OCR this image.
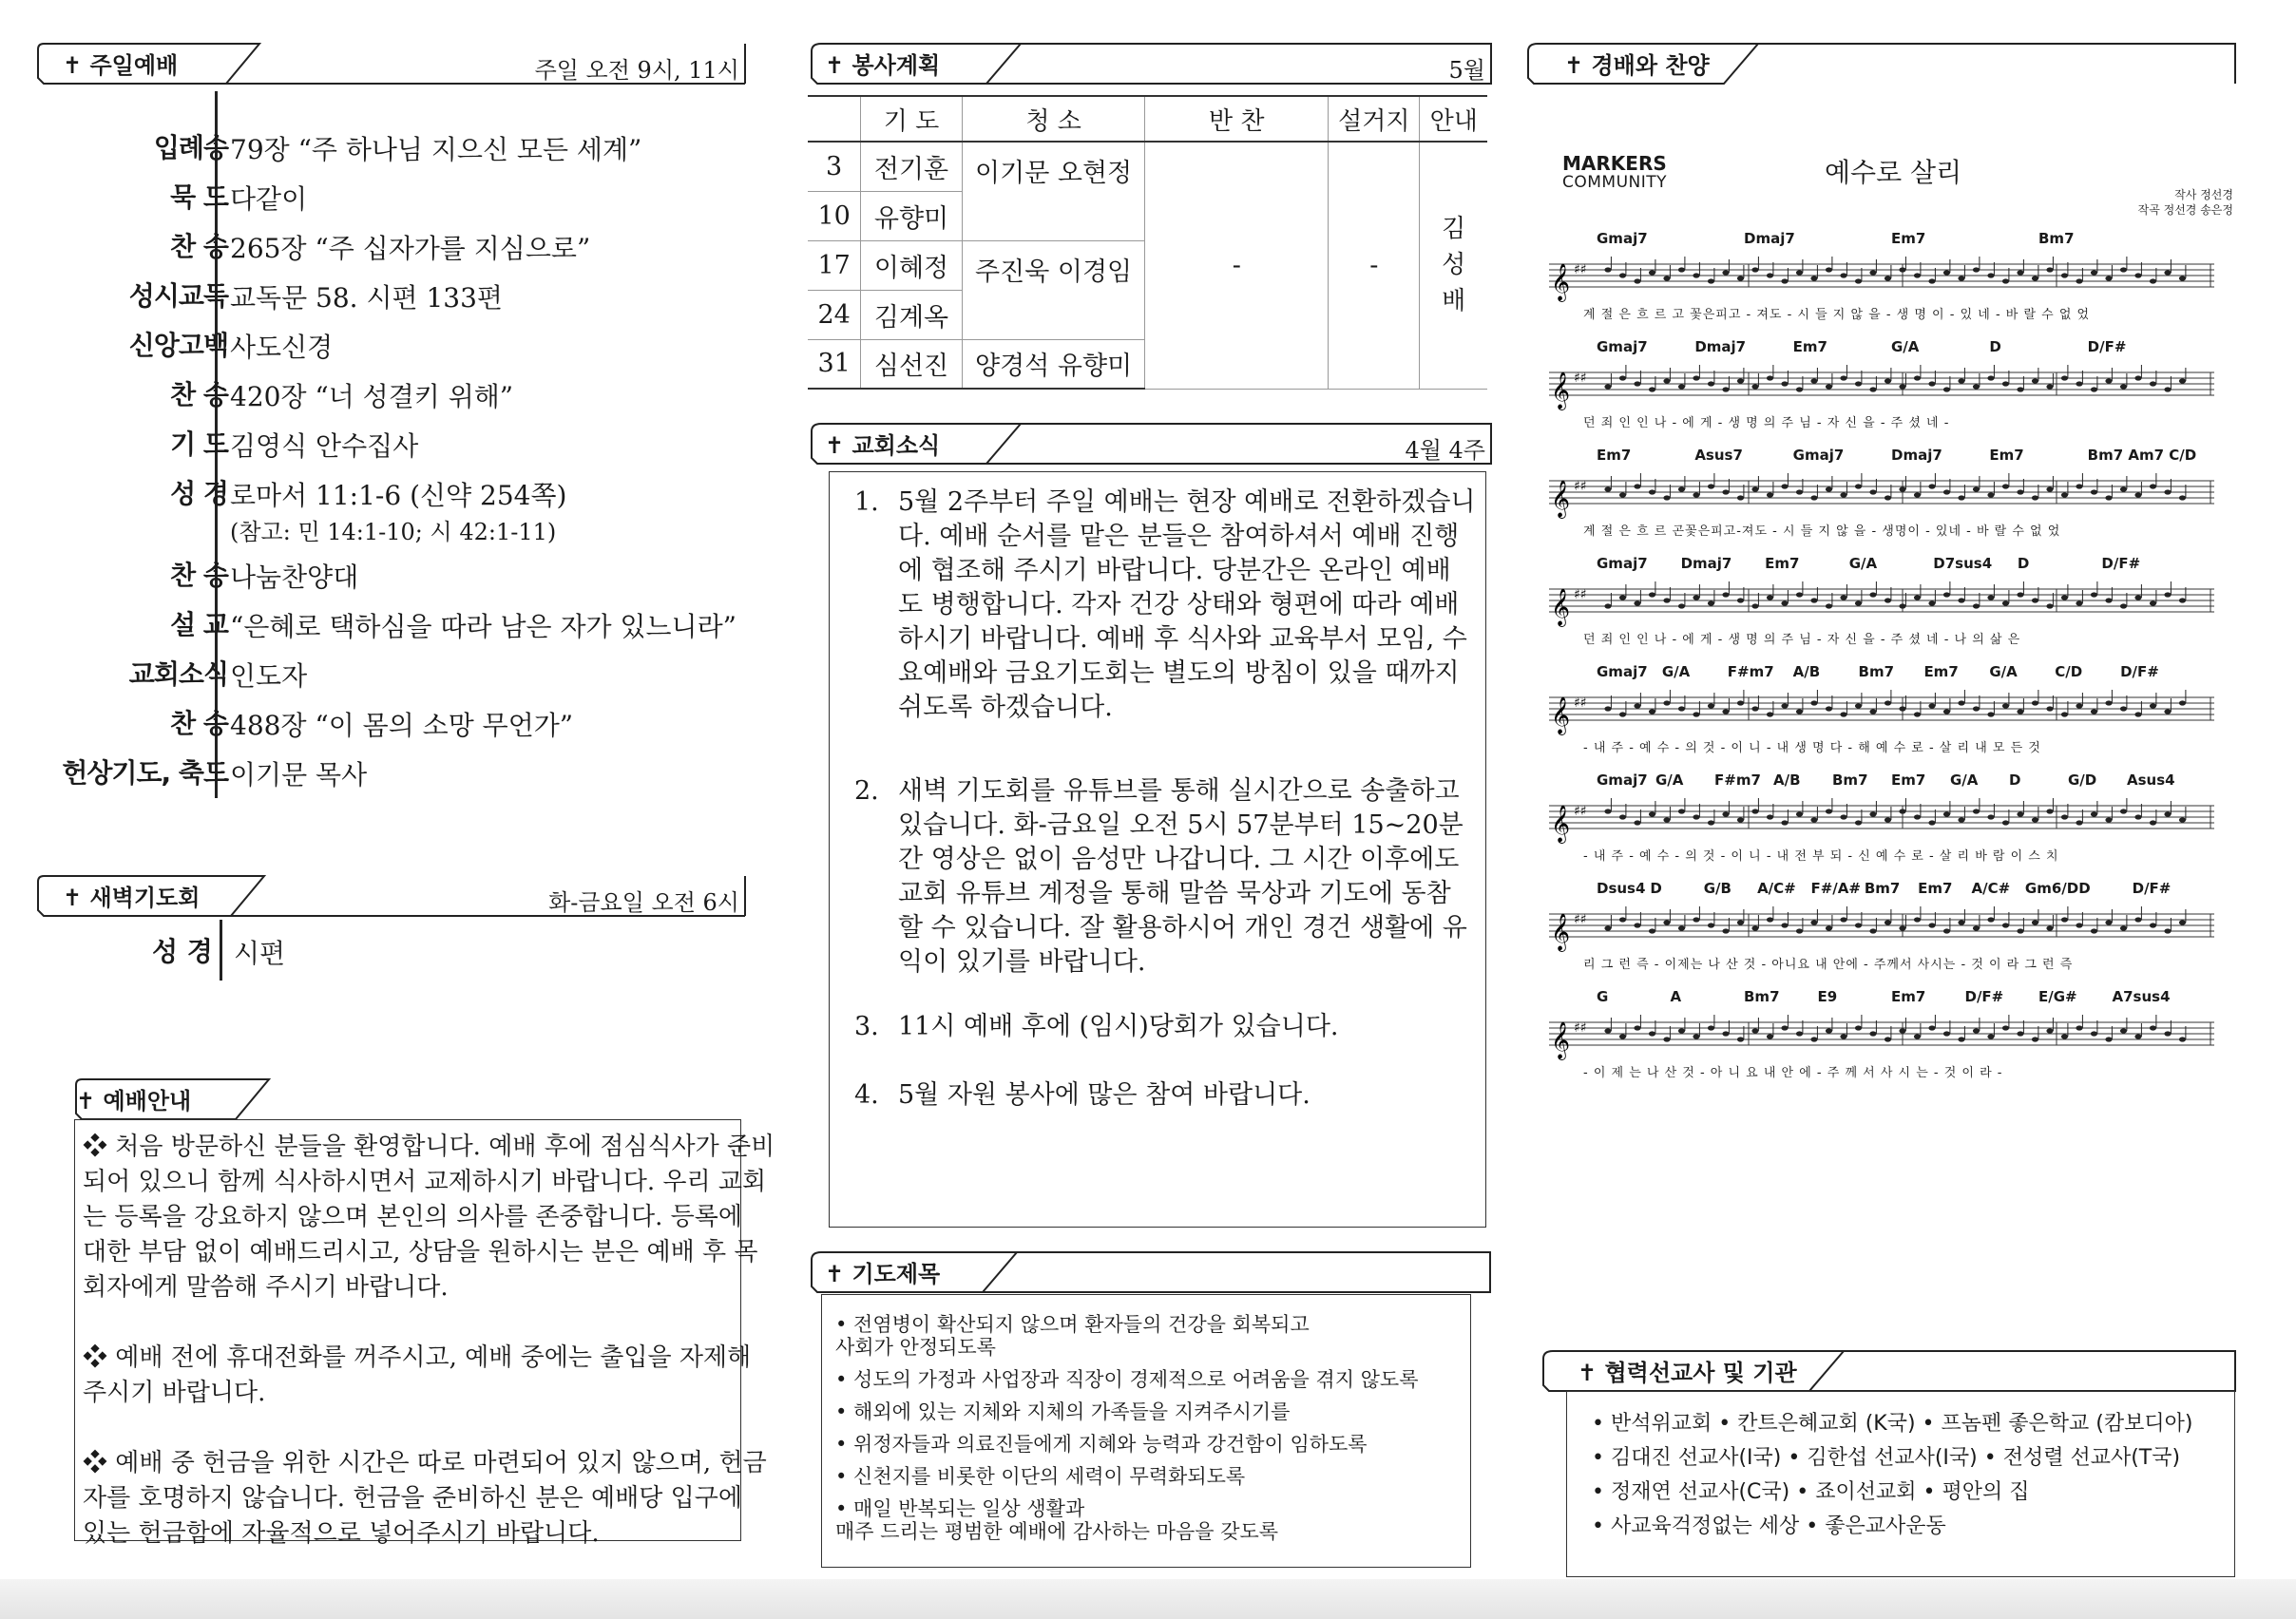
✝ 주일예배	주일 오전 9시, 11시
입례송 79장 “주 하나님 지으신 모든 세계”
묵 도 다같이
찬 송 265장 “주 십자가를 지심으로”
성시교독 교독문 58. 시편 133편
신앙고백 사도신경
찬 송 420장 “너 성결키 위해”
기 도 김영식 안수집사
성 경 로마서 11:1-6 (신약 254쪽)
(참고: 민 14:1-10; 시 42:1-11)
찬 송 나눔찬양대
설 교 “은혜로 택하심을 따라 남은 자가 있느니라”
교회소식 인도자
찬 송 488장 “이 몸의 소망 무언가”
헌상기도, 축도 이기문 목사
✝ 새벽기도회	화-금요일 오전 6시
성 경 시편
✝ 예배안내
❖ 처음 방문하신 분들을 환영합니다. 예배 후에 점심식사가 준비
되어 있으니 함께 식사하시면서 교제하시기 바랍니다. 우리 교회
는 등록을 강요하지 않으며 본인의 의사를 존중합니다. 등록에
대한 부담 없이 예배드리시고, 상담을 원하시는 분은 예배 후 목
회자에게 말씀해 주시기 바랍니다.
❖ 예배 전에 휴대전화를 꺼주시고, 예배 중에는 출입을 자제해
주시기 바랍니다.
❖ 예배 중 헌금을 위한 시간은 따로 마련되어 있지 않으며, 헌금
자를 호명하지 않습니다. 헌금을 준비하신 분은 예배당 입구에
있는 헌금함에 자율적으로 넣어주시기 바랍니다.
✝ 봉사계획	5월
	기 도	청 소	반 찬	설거지	안내
3	전기훈	이기문 오현정	-	-	김
성
배

10	유향미				
17	이혜정	주진욱 이경임			
24	김계옥				
31	심선진	양경석 유향미			
✝ 교회소식	4월 4주
1. 5월 2주부터 주일 예배는 현장 예배로 전환하겠습니
다. 예배 순서를 맡은 분들은 참여하셔서 예배 진행
에 협조해 주시기 바랍니다. 당분간은 온라인 예배
도 병행합니다. 각자 건강 상태와 형편에 따라 예배
하시기 바랍니다. 예배 후 식사와 교육부서 모임, 수
요예배와 금요기도회는 별도의 방침이 있을 때까지
쉬도록 하겠습니다.
2. 새벽 기도회를 유튜브를 통해 실시간으로 송출하고
있습니다. 화-금요일 오전 5시 57분부터 15~20분
간 영상은 없이 음성만 나갑니다. 그 시간 이후에도
교회 유튜브 계정을 통해 말씀 묵상과 기도에 동참
할 수 있습니다. 잘 활용하시어 개인 경건 생활에 유
익이 있기를 바랍니다.
3. 11시 예배 후에 (임시)당회가 있습니다.
4. 5월 자원 봉사에 많은 참여 바랍니다.
✝ 기도제목
• 전염병이 확산되지 않으며 환자들의 건강을 회복되고
사회가 안정되도록
• 성도의 가정과 사업장과 직장이 경제적으로 어려움을 겪지 않도록
• 해외에 있는 지체와 지체의 가족들을 지켜주시기를
• 위정자들과 의료진들에게 지혜와 능력과 강건함이 임하도록
• 신천지를 비롯한 이단의 세력이 무력화되도록
• 매일 반복되는 일상 생활과
매주 드리는 평범한 예배에 감사하는 마음을 갖도록
✝ 경배와 찬양
MARKERS
COMMUNITY	예수로 살리
작사 정선경
작곡 정선경 송은정
Gmaj7	Dmaj7	Em7	Bm7
𝄞 ♯♯
계 절 은 흐 르 고 꽃은피고 - 져도 - 시 들 지 않 을 - 생 명 이 - 있 네 - 바 랄 수 없 었
Gmaj7	Dmaj7	Em7	G/A	D	D/F#
𝄞 ♯♯
던 죄 인 인 나 - 에 게 - 생 명 의 주 님 - 자 신 을 - 주 셨 네 -
Em7	Asus7	Gmaj7	Dmaj7	Em7	Bm7 Am7 C/D
𝄞 ♯♯
계 절 은 흐 르 곤꽃은피고-져도 - 시 들 지 않 을 - 생명이 - 있네 - 바 랄 수 없 었
Gmaj7 Dmaj7 Em7	G/A	D7sus4 D	D/F#
𝄞 ♯♯
던 죄 인 인 나 - 에 게 - 생 명 의 주 님 - 자 신 을 - 주 셨 네 - 나 의 삶 은
Gmaj7 G/A	F#m7 A/B	Bm7 Em7 G/A	C/D	D/F#
𝄞 ♯♯
- 내 주 - 예 수 - 의 것 - 이 니 - 내 생 명 다 - 해 예 수 로 - 살 리 내 모 든 것
Gmaj7 G/A F#m7 A/B Bm7 Em7 G/A D	G/D Asus4
𝄞 ♯♯
- 내 주 - 예 수 - 의 것 - 이 니 - 내 전 부 되 - 신 예 수 로 - 살 리 바 람 이 스 치
Dsus4 D	G/B A/C# F#/A# Bm7 Em7 A/C# Gm6/D D	D/F#
𝄞 ♯♯
리 그 런 즉 - 이제는 나 산 것 - 아니요 내 안에 - 주께서 사시는 - 것 이 라 그 런 즉
G	A	Bm7	E9	Em7	D/F# E/G# A7sus4
𝄞 ♯♯
- 이 제 는 나 산 것 - 아 니 요 내 안 에 - 주 께 서 사 시 는 - 것 이 라 -
✝ 협력선교사 및 기관
• 반석위교회 • 칸트은혜교회 (K국) • 프놈펜 좋은학교 (캄보디아)
• 김대진 선교사(I국) • 김한섭 선교사(I국) • 전성렬 선교사(T국)
• 정재연 선교사(C국) • 죠이선교회 • 평안의 집
• 사교육걱정없는 세상 • 좋은교사운동
